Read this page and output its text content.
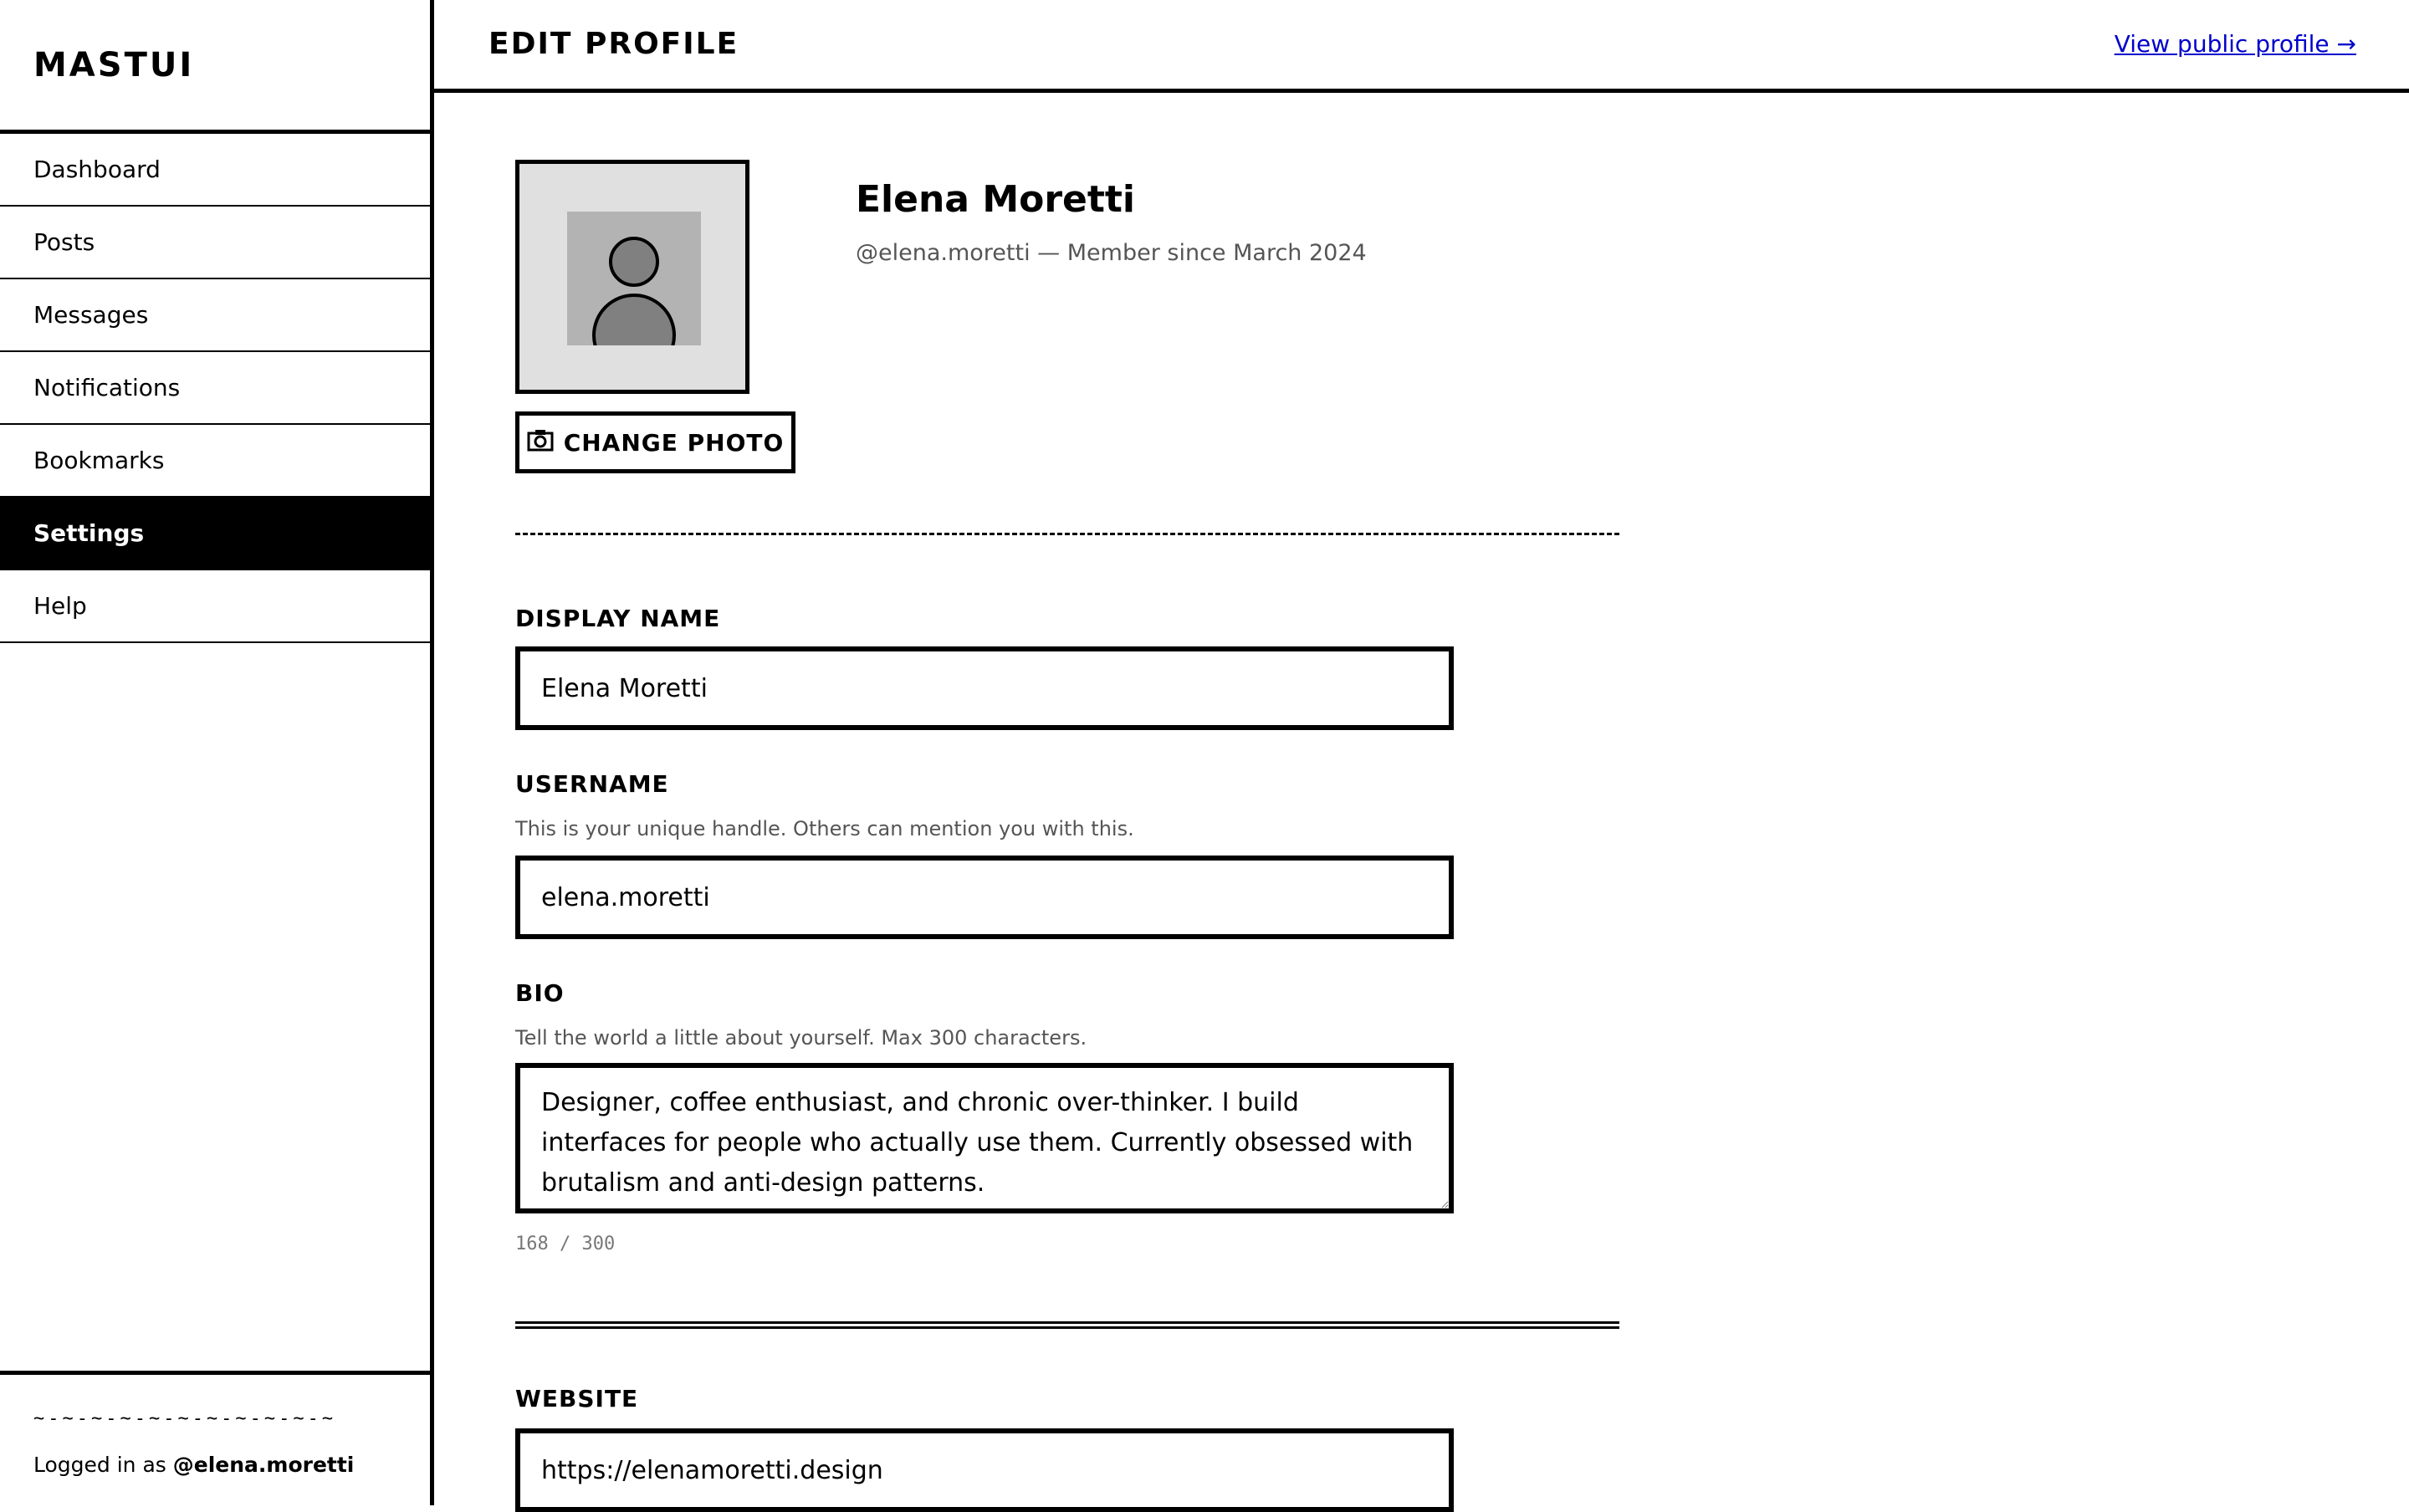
MASTUI
Dashboard
Posts
Messages
Notifications
Bookmarks
Settings
Help
~-~-~-~-~-~-~-~-~-~-~
Logged in as @elena.moretti
EDIT PROFILE	View public profile →
CHANGE PHOTO
Elena Moretti
@elena.moretti — Member since March 2024
DISPLAY NAME
Elena Moretti
USERNAME
This is your unique handle. Others can mention you with this.
elena.moretti
BIO
Tell the world a little about yourself. Max 300 characters.
Designer, coffee enthusiast, and chronic over-thinker. I build interfaces for people who actually use them. Currently obsessed with brutalism and anti-design patterns.
168 / 300
WEBSITE
https://elenamoretti.design
